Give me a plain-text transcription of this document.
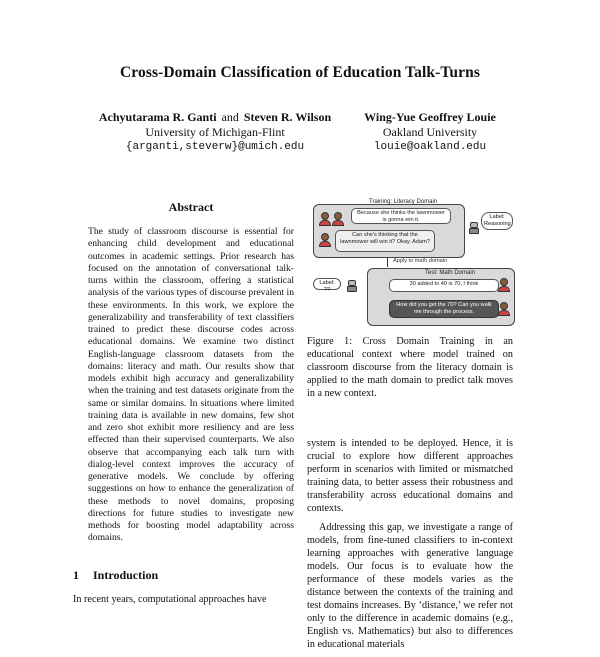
Cross-Domain Classification of Education Talk-Turns
Achyutarama R. Ganti and Steven R. Wilson
University of Michigan-Flint
{arganti,steverw}@umich.edu
Wing-Yue Geoffrey Louie
Oakland University
louie@oakland.edu
Abstract
The study of classroom discourse is essential for enhancing child development and educational outcomes in academic settings. Prior research has focused on the annotation of conversational talk-turns within the classroom, offering a statistical analysis of the various types of discourse prevalent in these environments. In this work, we explore the generalizability and transferability of text classifiers trained to predict these discourse codes across educational domains. We examine two distinct English-language classroom datasets from the domains: literacy and math. Our results show that models exhibit high accuracy and generalizability when the training and test datasets originate from the same or similar domains. In situations where limited training data is available in new domains, few shot and zero shot exhibit more resiliency and are less effected than their supervised counterparts. We also observe that accompanying each talk turn with dialog-level context improves the accuracy of generative models. We conclude by offering suggestions on how to enhance the generalization of these methods to novel domains, proposing directions for future studies to investigate new methods for boosting model adaptability across domains.
1 Introduction
In recent years, computational approaches have
Training: Literacy Domain
Because she thinks the lawnmower is gonna win it.
Can she's thinking that the lawnmower will win it? Okay. Adam?
Label: Reasoning
Apply to math domain
Test: Math Domain
Label: ??
30 added to 40 is 70, I think
How did you get the 70? Can you walk me through the process.
Figure 1: Cross Domain Training in an educational context where model trained on classroom discourse from the literacy domain is applied to the math domain to predict talk moves in a new context.

system is intended to be deployed. Hence, it is crucial to explore how different approaches perform in scenarios with limited or mismatched training data, to better assess their robustness and transferability across educational domains and contexts.

Addressing this gap, we investigate a range of models, from fine-tuned classifiers to in-context learning approaches with generative language models. Our focus is to evaluate how the performance of these models varies as the distance between the contexts of the training and test domains increases. By ‘distance,’ we refer not only to the difference in academic domains (e.g., English vs. Mathematics) but also to differences in educational materials
